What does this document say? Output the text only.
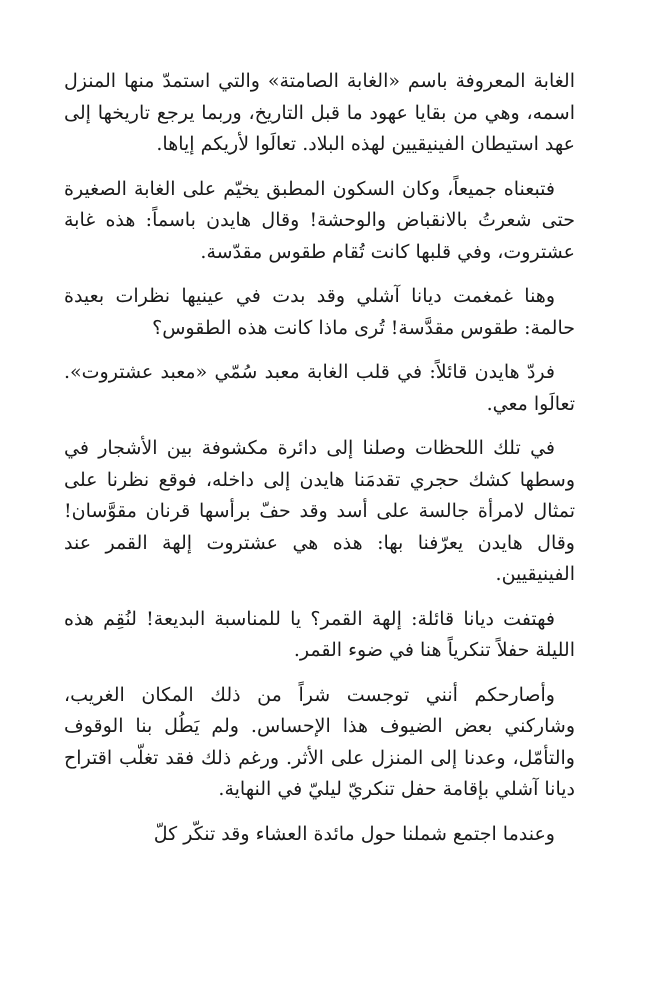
الغابة المعروفة باسم «الغابة الصامتة» والتي استمدّ منها المنزل اسمه، وهي من بقايا عهود ما قبل التاريخ، وربما يرجع تاريخها إلى عهد استيطان الفينيقيين لهذه البلاد. تعالَوا لأريكم إياها.

فتبعناه جميعاً، وكان السكون المطبق يخيّم على الغابة الصغيرة حتى شعرتُ بالانقباض والوحشة! وقال هايدن باسماً: هذه غابة عشتروت، وفي قلبها كانت تُقام طقوس مقدّسة.

وهنا غمغمت ديانا آشلي وقد بدت في عينيها نظرات بعيدة حالمة: طقوس مقدَّسة! تُرى ماذا كانت هذه الطقوس؟

فردّ هايدن قائلاً: في قلب الغابة معبد سُمّي «معبد عشتروت». تعالَوا معي.

في تلك اللحظات وصلنا إلى دائرة مكشوفة بين الأشجار في وسطها كشك حجري تقدمَنا هايدن إلى داخله، فوقع نظرنا على تمثال لامرأة جالسة على أسد وقد حفّ برأسها قرنان مقوَّسان! وقال هايدن يعرّفنا بها: هذه هي عشتروت إلهة القمر عند الفينيقيين.

فهتفت ديانا قائلة: إلهة القمر؟ يا للمناسبة البديعة! لنُقِم هذه الليلة حفلاً تنكرياً هنا في ضوء القمر.

وأصارحكم أنني توجست شراً من ذلك المكان الغريب، وشاركني بعض الضيوف هذا الإحساس. ولم يَطُل بنا الوقوف والتأمّل، وعدنا إلى المنزل على الأثر. ورغم ذلك فقد تغلّب اقتراح ديانا آشلي بإقامة حفل تنكريّ ليليّ في النهاية.

وعندما اجتمع شملنا حول مائدة العشاء وقد تنكّر كلّ
